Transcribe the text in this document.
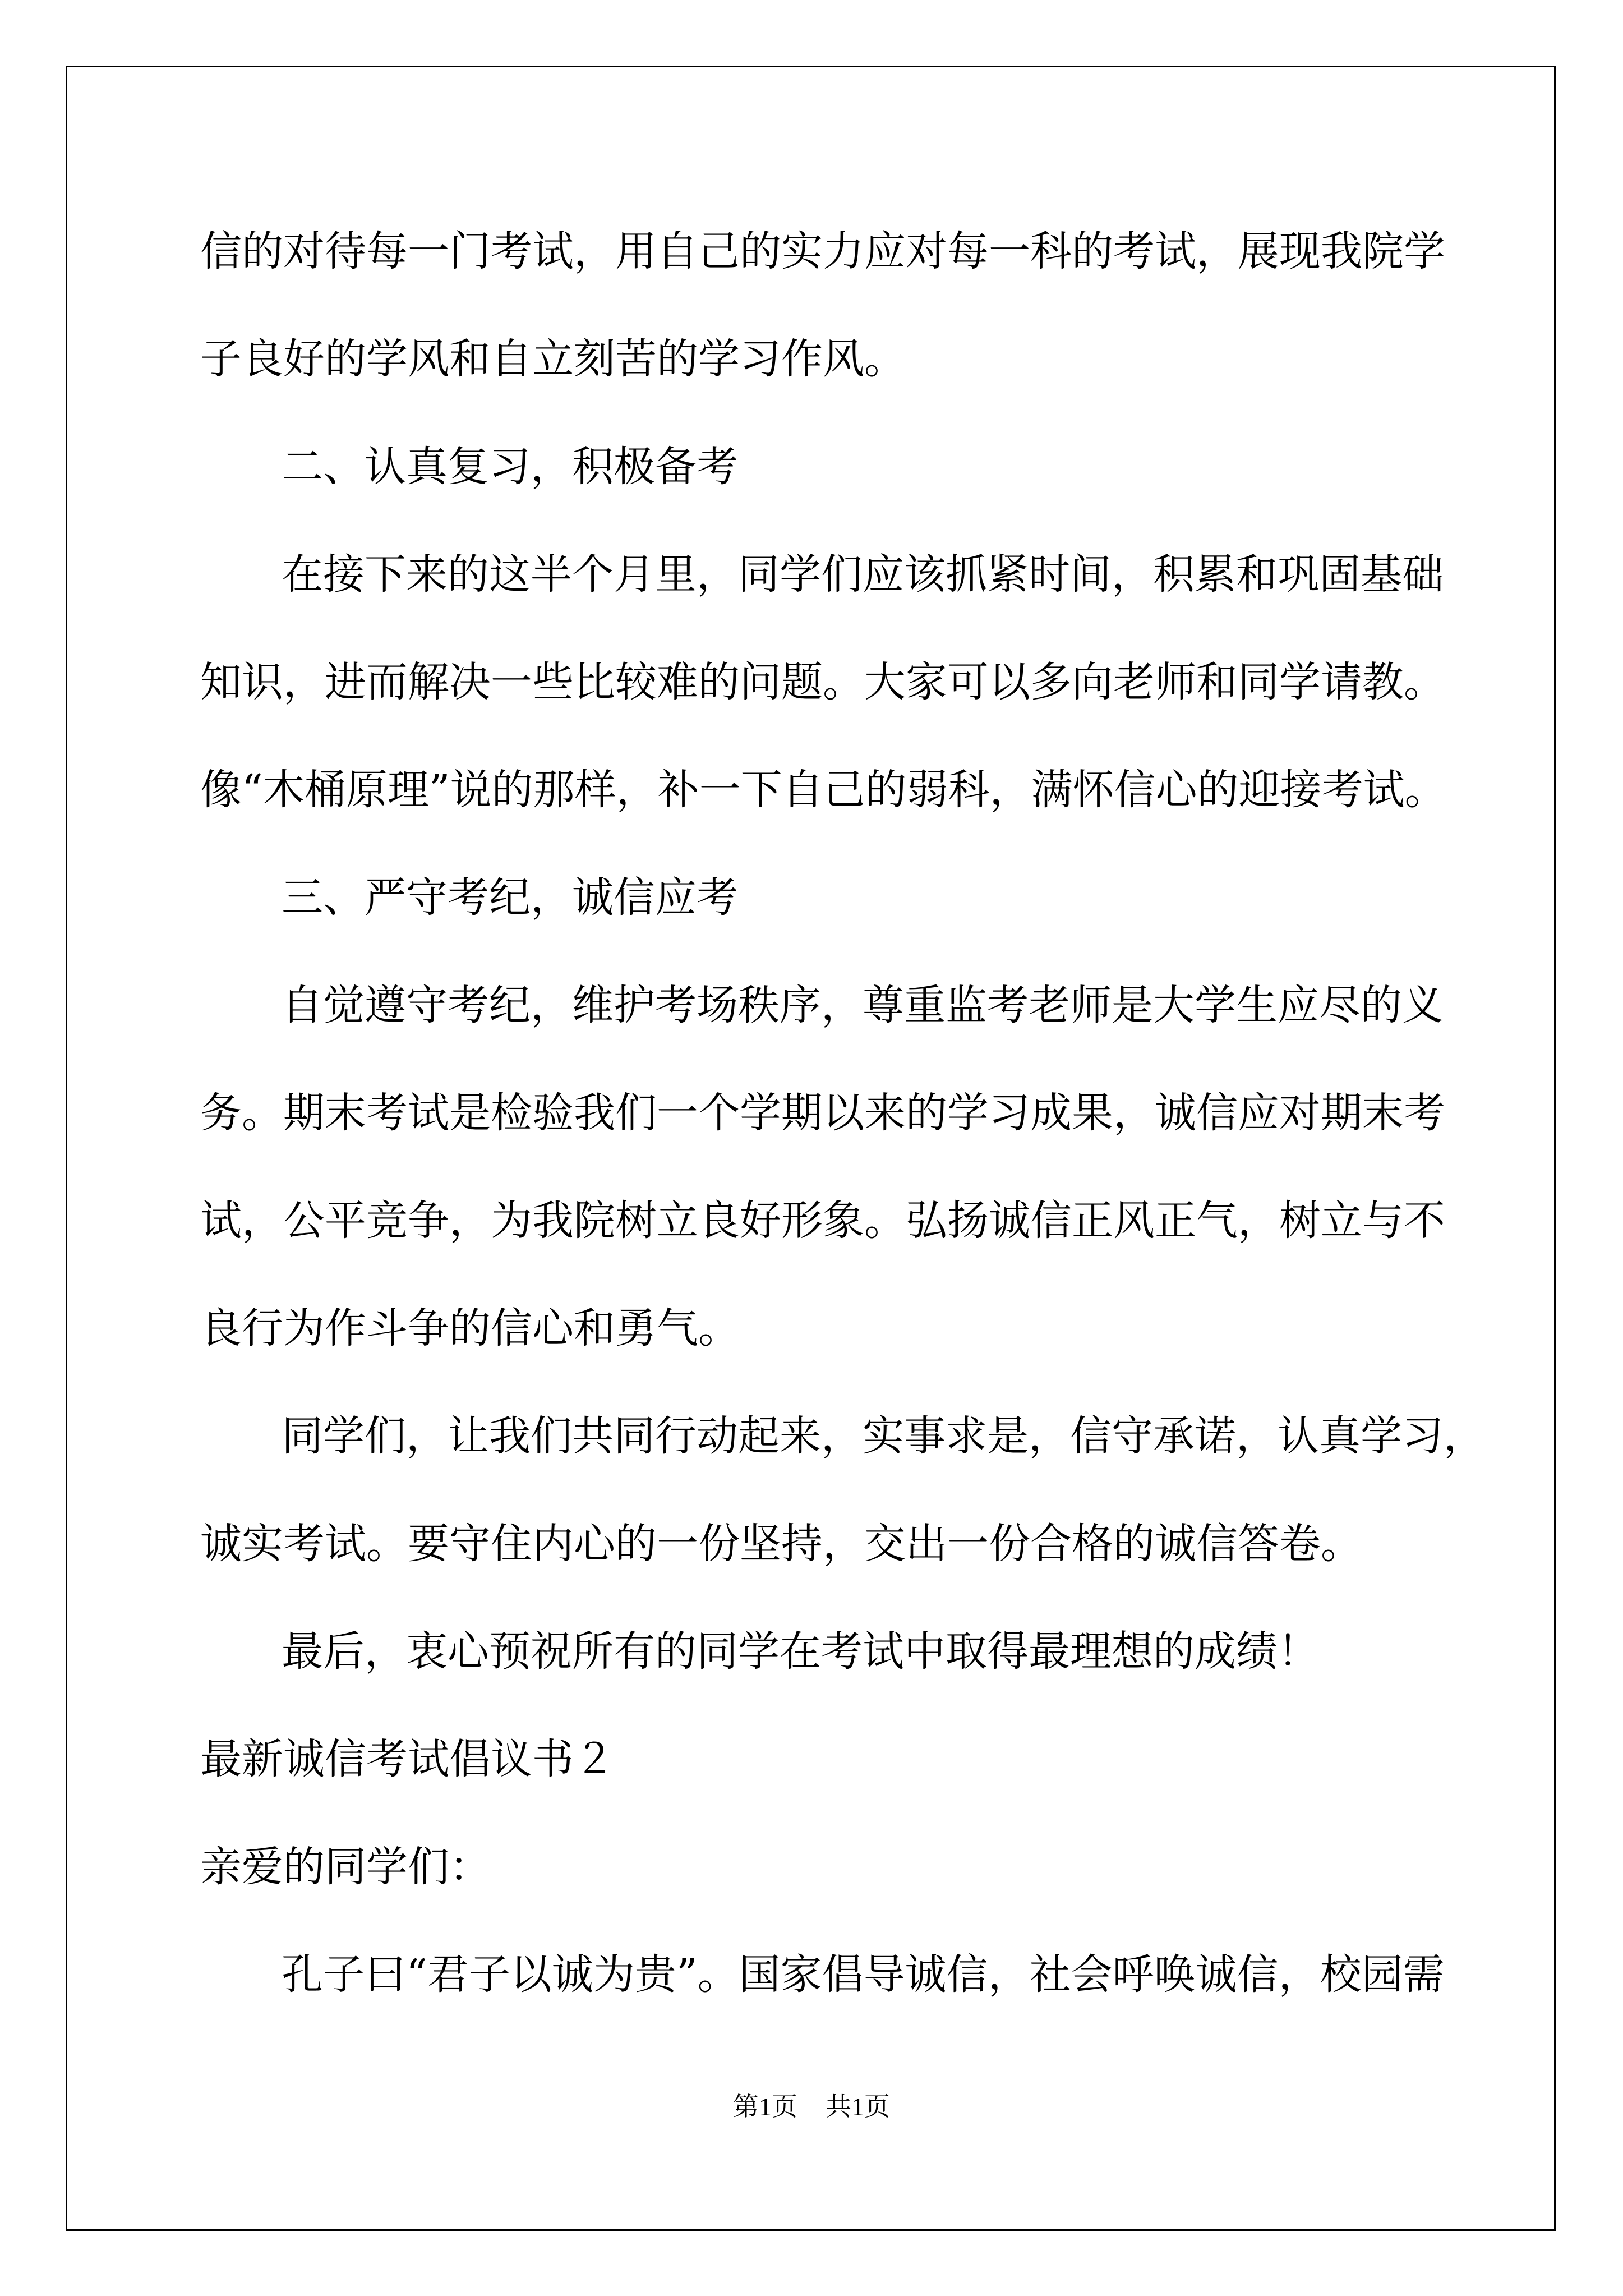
信的对待每一门考试，用自己的实力应对每一科的考试，展现我院学
子良好的学风和自立刻苦的学习作风。
二、认真复习，积极备考
在接下来的这半个月里，同学们应该抓紧时间，积累和巩固基础
知识，进而解决一些比较难的问题。大家可以多向老师和同学请教。
像“木桶原理”说的那样，补一下自己的弱科，满怀信心的迎接考试。
三、严守考纪，诚信应考
自觉遵守考纪，维护考场秩序，尊重监考老师是大学生应尽的义
务。期末考试是检验我们一个学期以来的学习成果，诚信应对期末考
试，公平竞争，为我院树立良好形象。弘扬诚信正风正气，树立与不
良行为作斗争的信心和勇气。
同学们，让我们共同行动起来，实事求是，信守承诺，认真学习，
诚实考试。要守住内心的一份坚持，交出一份合格的诚信答卷。
最后，衷心预祝所有的同学在考试中取得最理想的成绩！
最新诚信考试倡议书２
亲爱的同学们：
孔子曰“君子以诚为贵”。国家倡导诚信，社会呼唤诚信，校园需
第1页 共1页
